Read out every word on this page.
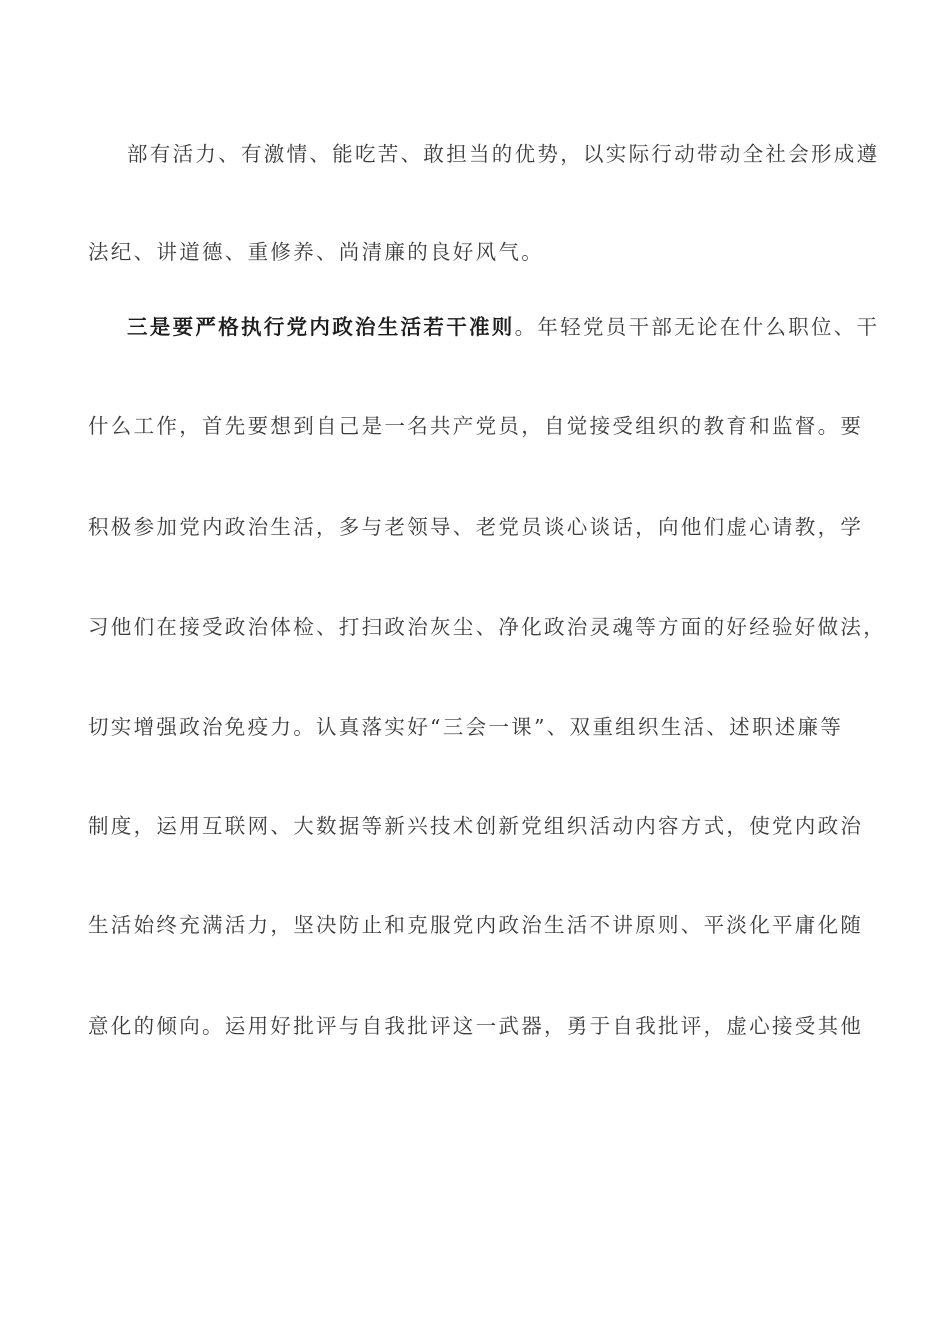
部有活力、有激情、能吃苦、敢担当的优势，以实际行动带动全社会形成遵
法纪、讲道德、重修养、尚清廉的良好风气。
三是要严格执行党内政治生活若干准则。年轻党员干部无论在什么职位、干
什么工作，首先要想到自己是一名共产党员，自觉接受组织的教育和监督。要
积极参加党内政治生活，多与老领导、老党员谈心谈话，向他们虚心请教，学
习他们在接受政治体检、打扫政治灰尘、净化政治灵魂等方面的好经验好做法，
切实增强政治免疫力。认真落实好“三会一课”、双重组织生活、述职述廉等
制度，运用互联网、大数据等新兴技术创新党组织活动内容方式，使党内政治
生活始终充满活力，坚决防止和克服党内政治生活不讲原则、平淡化平庸化随
意化的倾向。运用好批评与自我批评这一武器，勇于自我批评，虚心接受其他
